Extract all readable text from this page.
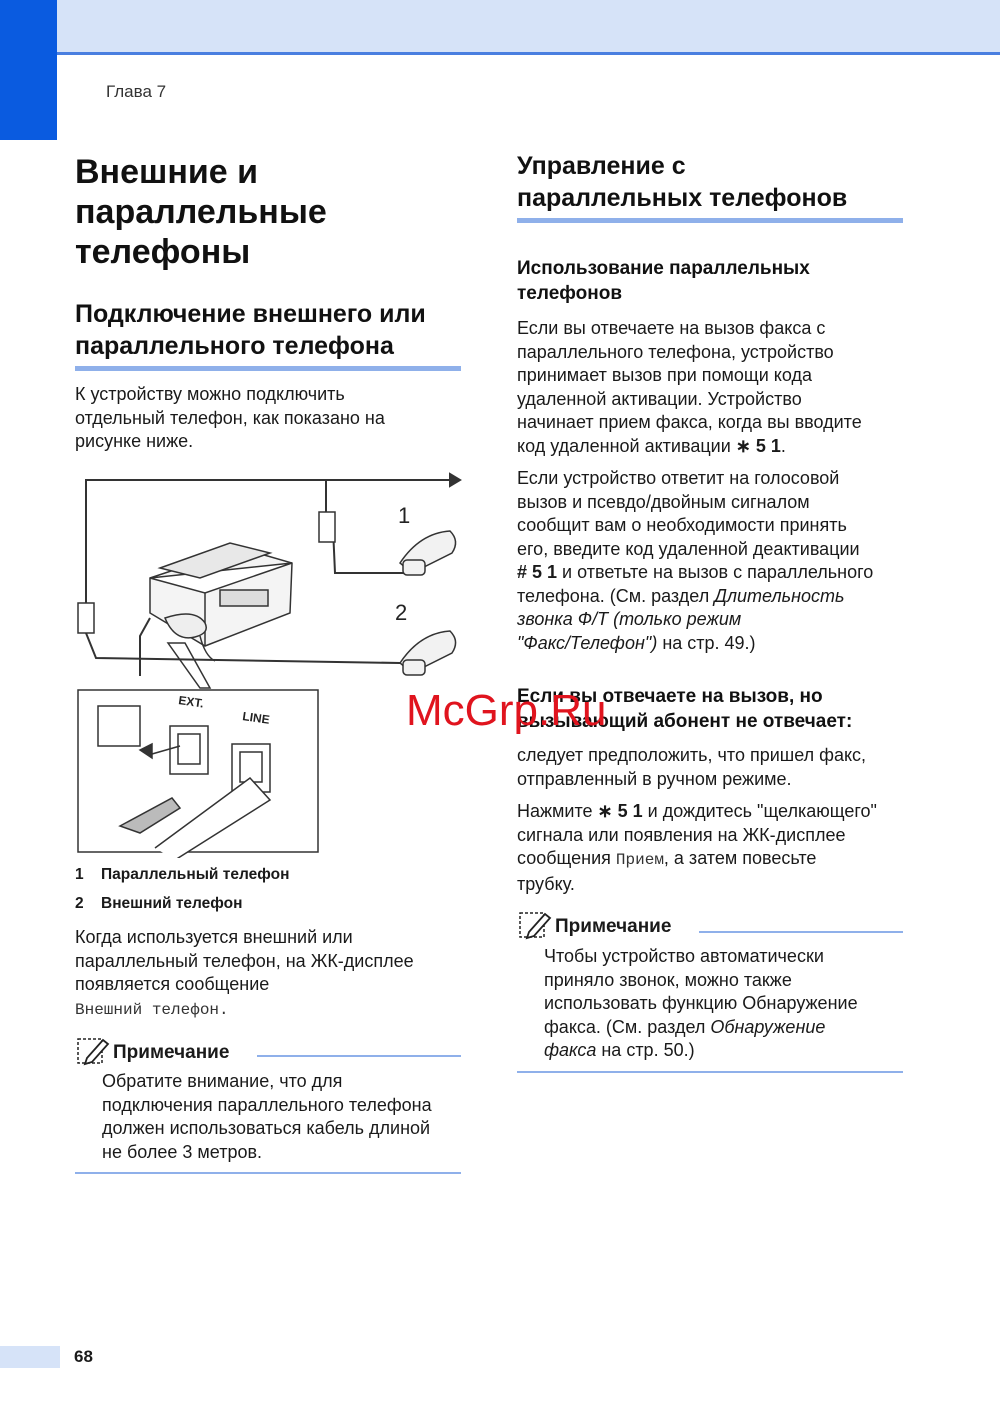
Глава 7

Внешние и

параллельные

телефоны

Подключение внешнего или

параллельного телефона

К устройству можно подключить

отдельный телефон, как показано на

рисунке ниже.

1
2
EXT.
LINE
1 Параллельный телефон
2 Внешний телефон

Когда используется внешний или

параллельный телефон, на ЖК-дисплее

появляется сообщение

Внешний телефон.

Примечание

Обратите внимание, что для

подключения параллельного телефона

должен использоваться кабель длиной

не более 3 метров.

Управление с

параллельных телефонов

Использование параллельных

телефонов

Если вы отвечаете на вызов факса с

параллельного телефона, устройство

принимает вызов при помощи кода

удаленной активации. Устройство

начинает прием факса, когда вы вводите

код удаленной активации ∗ 5 1.

Если устройство ответит на голосовой

вызов и псевдо/двойным сигналом

сообщит вам о необходимости принять

его, введите код удаленной деактивации

# 5 1 и ответьте на вызов с параллельного

телефона. (См. раздел Длительность

звонка Ф/Т (только режим

"Факс/Телефон") на стр. 49.)

Если вы отвечаете на вызов, но

вызывающий абонент не отвечает:

следует предположить, что пришел факс,

отправленный в ручном режиме.

Нажмите ∗ 5 1 и дождитесь "щелкающего"

сигнала или появления на ЖК-дисплее

сообщения Прием, а затем повесьте

трубку.

Примечание

Чтобы устройство автоматически

приняло звонок, можно также

использовать функцию Обнаружение

факса. (См. раздел Обнаружение

факса на стр. 50.)

McGrp.Ru
68
